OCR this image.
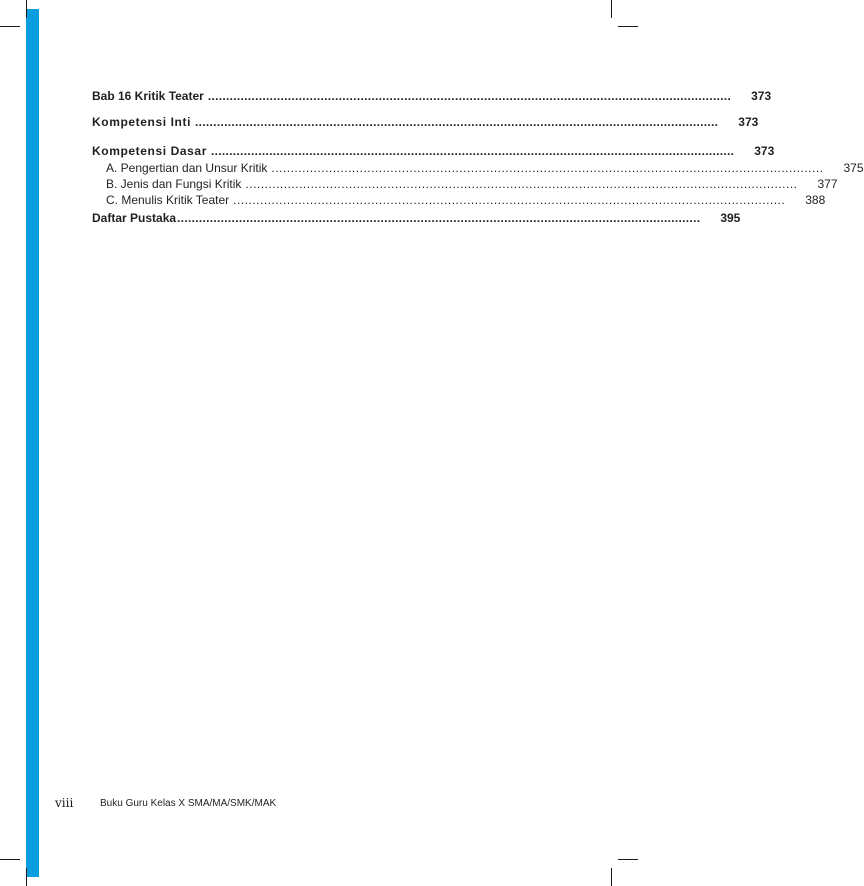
Bab 16 Kritik Teater ................................................................................................................................................	373
Kompetensi Inti ................................................................................................................................................	373
Kompetensi Dasar ................................................................................................................................................	373
A. Pengertian dan Unsur Kritik ................................................................................................................................................	375
B. Jenis dan Fungsi Kritik ................................................................................................................................................	377
C. Menulis Kritik Teater ................................................................................................................................................	388
Daftar Pustaka ................................................................................................................................................	395
viii	Buku Guru Kelas X SMA/MA/SMK/MAK
